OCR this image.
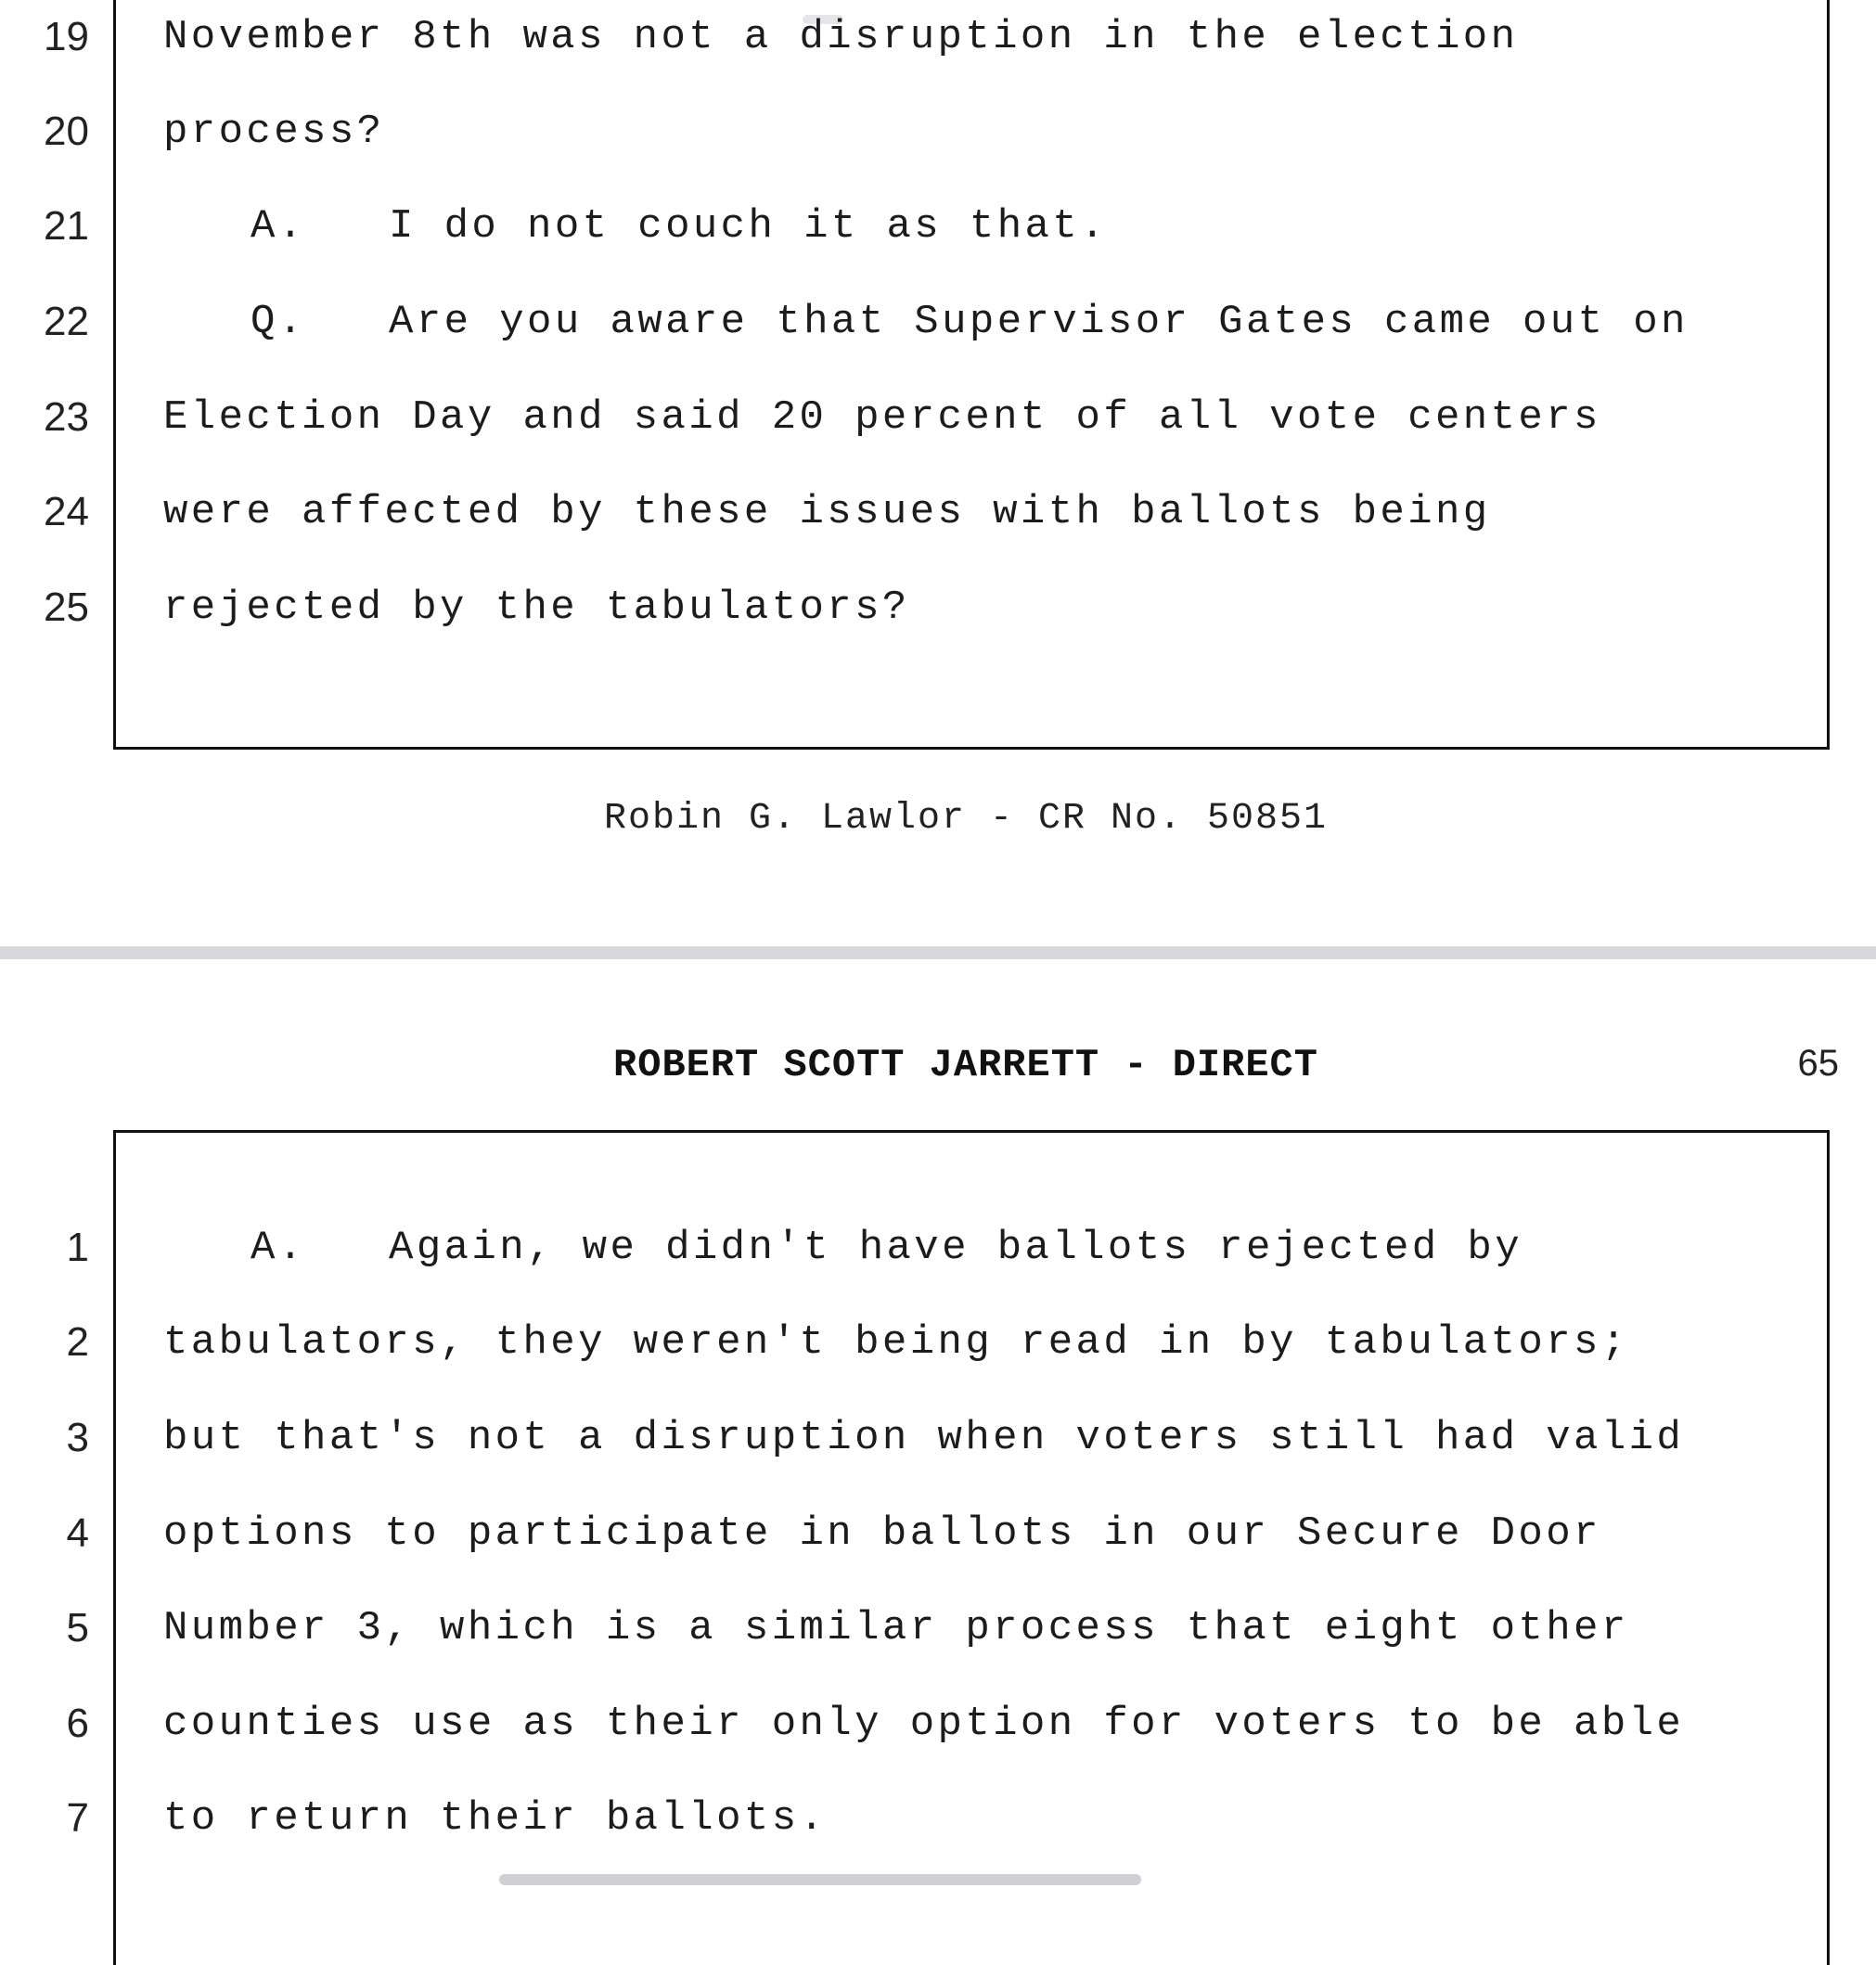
19 November 8th was not a disruption in the election
20 process?
21	A.   I do not couch it as that.
22	Q.   Are you aware that Supervisor Gates came out on
23 Election Day and said 20 percent of all vote centers
24 were affected by these issues with ballots being
25 rejected by the tabulators?
Robin G. Lawlor - CR No. 50851
ROBERT SCOTT JARRETT - DIRECT	65
1	A.   Again, we didn't have ballots rejected by
2 tabulators, they weren't being read in by tabulators;
3 but that's not a disruption when voters still had valid
4 options to participate in ballots in our Secure Door
5 Number 3, which is a similar process that eight other
6 counties use as their only option for voters to be able
7 to return their ballots.
